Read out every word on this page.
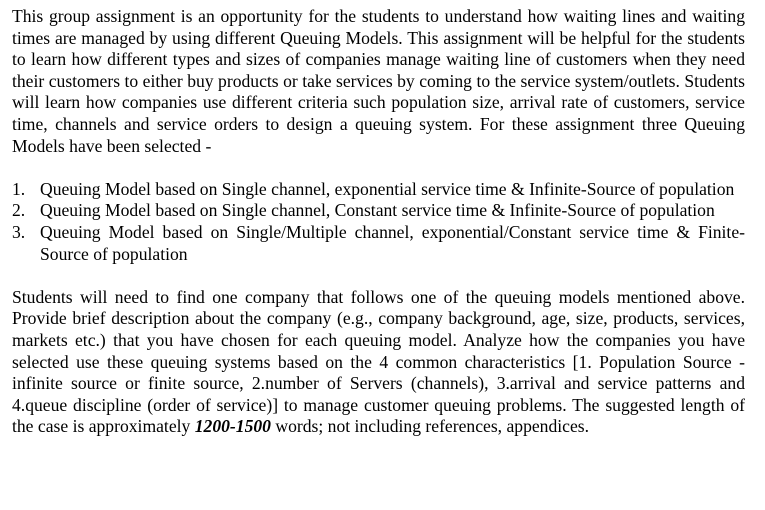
This group assignment is an opportunity for the students to understand how waiting lines and waiting times are managed by using different Queuing Models. This assignment will be helpful for the students to learn how different types and sizes of companies manage waiting line of customers when they need their customers to either buy products or take services by coming to the service system/outlets. Students will learn how companies use different criteria such population size, arrival rate of customers, service time, channels and service orders to design a queuing system. For these assignment three Queuing Models have been selected -

1. Queuing Model based on Single channel, exponential service time & Infinite-Source of population
2. Queuing Model based on Single channel, Constant service time & Infinite-Source of population
3. Queuing Model based on Single/Multiple channel, exponential/Constant service time & Finite-Source of population

Students will need to find one company that follows one of the queuing models mentioned above. Provide brief description about the company (e.g., company background, age, size, products, services, markets etc.) that you have chosen for each queuing model. Analyze how the companies you have selected use these queuing systems based on the 4 common characteristics [1. Population Source - infinite source or finite source, 2.number of Servers (channels), 3.arrival and service patterns and 4.queue discipline (order of service)] to manage customer queuing problems. The suggested length of the case is approximately 1200-1500 words; not including references, appendices.
